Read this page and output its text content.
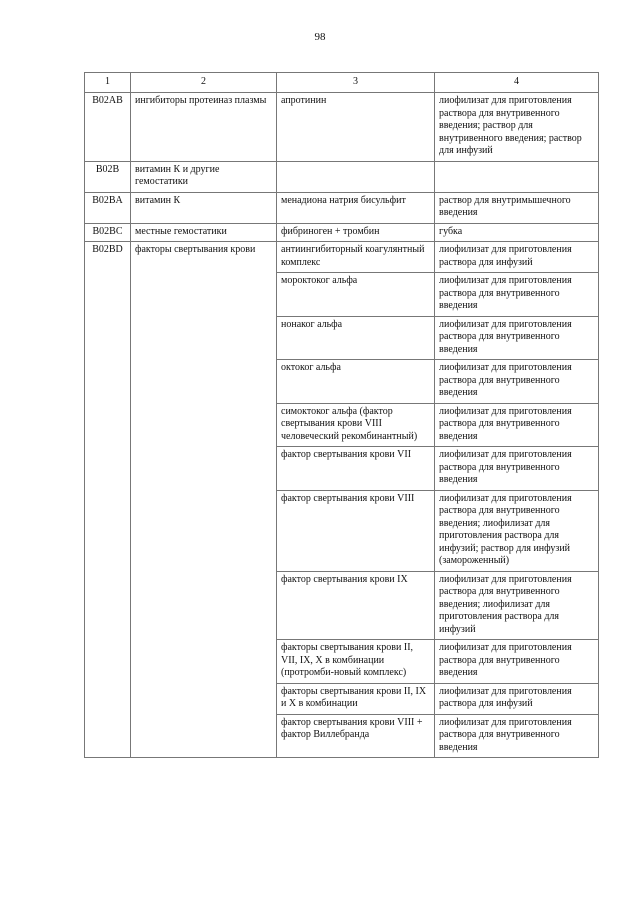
98
1	2	3	4
B02AB	ингибиторы протеиназ плазмы	апротинин	лиофилизат для приготовления раствора для внутривенного введения; раствор для внутривенного введения; раствор для инфузий
B02B	витамин К и другие гемостатики		
B02BA	витамин К	менадиона натрия бисульфит	раствор для внутримышечного введения
B02BC	местные гемостатики	фибриноген + тромбин	губка
B02BD	факторы свертывания крови	антиингибиторный коагулянтный комплекс	лиофилизат для приготовления раствора для инфузий
		мороктоког альфа	лиофилизат для приготовления раствора для внутривенного введения
		нонаког альфа	лиофилизат для приготовления раствора для внутривенного введения
		октоког альфа	лиофилизат для приготовления раствора для внутривенного введения
		симоктоког альфа (фактор свертывания крови VIII человеческий рекомбинантный)	лиофилизат для приготовления раствора для внутривенного введения
		фактор свертывания крови VII	лиофилизат для приготовления раствора для внутривенного введения
		фактор свертывания крови VIII	лиофилизат для приготовления раствора для внутривенного введения; лиофилизат для приготовления раствора для инфузий; раствор для инфузий (замороженный)
		фактор свертывания крови IX	лиофилизат для приготовления раствора для внутривенного введения; лиофилизат для приготовления раствора для инфузий
		факторы свертывания крови II, VII, IX, X в комбинации (протромби-новый комплекс)	лиофилизат для приготовления раствора для внутривенного введения
		факторы свертывания крови II, IX и X в комбинации	лиофилизат для приготовления раствора для инфузий
		фактор свертывания крови VIII + фактор Виллебранда	лиофилизат для приготовления раствора для внутривенного введения
